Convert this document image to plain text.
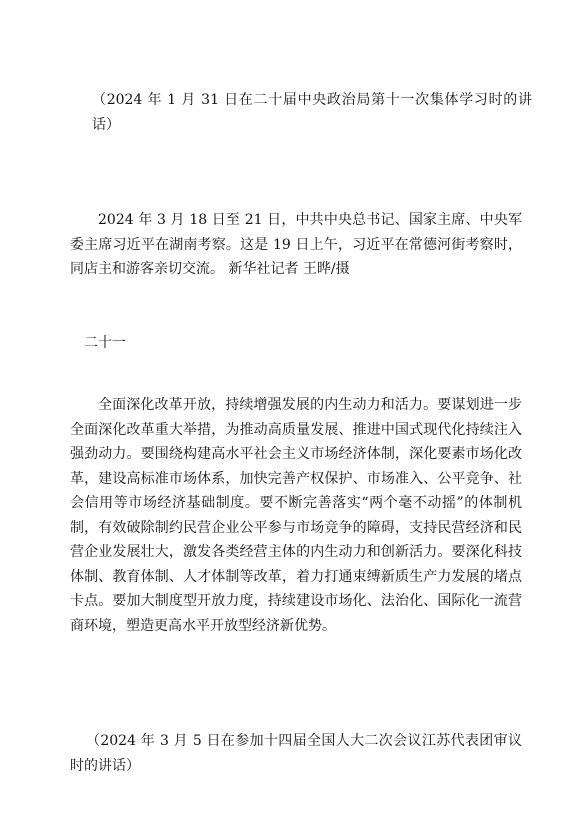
（2024 年 1 月 31 日在二十届中央政治局第十一次集体学习时的讲话）

2024 年 3 月 18 日至 21 日，中共中央总书记、国家主席、中央军委主席习近平在湖南考察。这是 19 日上午，习近平在常德河街考察时，同店主和游客亲切交流。 新华社记者 王晔/摄

二十一

全面深化改革开放，持续增强发展的内生动力和活力。要谋划进一步全面深化改革重大举措，为推动高质量发展、推进中国式现代化持续注入强劲动力。要围绕构建高水平社会主义市场经济体制，深化要素市场化改革，建设高标准市场体系，加快完善产权保护、市场准入、公平竞争、社会信用等市场经济基础制度。要不断完善落实“两个毫不动摇”的体制机制，有效破除制约民营企业公平参与市场竞争的障碍，支持民营经济和民营企业发展壮大，激发各类经营主体的内生动力和创新活力。要深化科技体制、教育体制、人才体制等改革，着力打通束缚新质生产力发展的堵点卡点。要加大制度型开放力度，持续建设市场化、法治化、国际化一流营商环境，塑造更高水平开放型经济新优势。

（2024 年 3 月 5 日在参加十四届全国人大二次会议江苏代表团审议时的讲话）
